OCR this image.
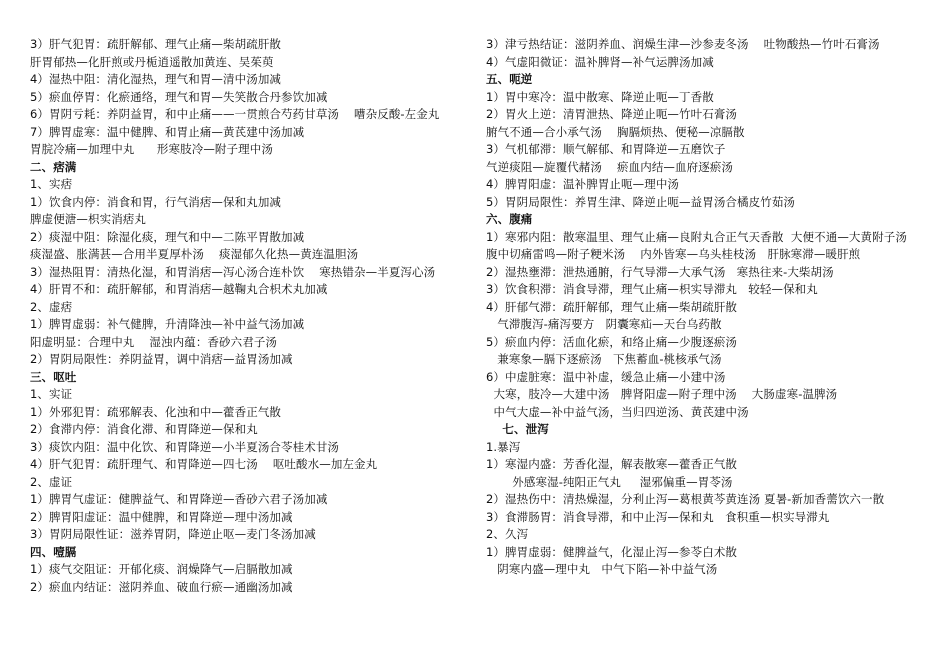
3）肝气犯胃：疏肝解郁、理气止痛—柴胡疏肝散
肝胃郁热—化肝煎或丹栀逍遥散加黄连、吴茱萸
4）湿热中阻：清化湿热，理气和胃—清中汤加减
5）瘀血停胃：化瘀通络，理气和胃—失笑散合丹参饮加减
6）胃阴亏耗：养阴益胃，和中止痛——一贯煎合芍药甘草汤    嘈杂反酸-左金丸
7）脾胃虚寒：温中健脾、和胃止痛—黄芪建中汤加减
胃脘冷痛—加理中丸      形寒肢冷—附子理中汤
二、痞满
1、实痞
1）饮食内停：消食和胃，行气消痞—保和丸加减
脾虚便溏—枳实消痞丸
2）痰湿中阻：除湿化痰，理气和中—二陈平胃散加减
痰湿盛、胀满甚—合用半夏厚朴汤    痰湿郁久化热—黄连温胆汤
3）湿热阻胃：清热化湿，和胃消痞—泻心汤合连朴饮    寒热错杂—半夏泻心汤
4）肝胃不和：疏肝解郁，和胃消痞—越鞠丸合枳术丸加减
2、虚痞
1）脾胃虚弱：补气健脾，升清降浊—补中益气汤加减
阳虚明显：合理中丸    湿浊内蕴：香砂六君子汤
2）胃阴局限性：养阴益胃，调中消痞—益胃汤加减
三、呕吐
1、实证
1）外邪犯胃：疏邪解表、化浊和中—藿香正气散
2）食滞内停：消食化滞、和胃降逆—保和丸
3）痰饮内阻：温中化饮、和胃降逆—小半夏汤合苓桂术甘汤
4）肝气犯胃：疏肝理气、和胃降逆—四七汤    呕吐酸水—加左金丸
2、虚证
1）脾胃气虚证：健脾益气、和胃降逆—香砂六君子汤加减
2）脾胃阳虚证：温中健脾，和胃降逆—理中汤加减
3）胃阴局限性证：滋养胃阴，降逆止呕—麦门冬汤加减
四、噎膈
1）痰气交阻证：开郁化痰、润燥降气—启膈散加减
2）瘀血内结证：滋阴养血、破血行瘀—通幽汤加减
3）津亏热结证：滋阴养血、润燥生津—沙参麦冬汤    吐物酸热—竹叶石膏汤
4）气虚阳微证：温补脾肾—补气运脾汤加减
五、呃逆
1）胃中寒冷：温中散寒、降逆止呃—丁香散
2）胃火上逆：清胃泄热、降逆止呃—竹叶石膏汤
腑气不通—合小承气汤    胸膈烦热、便秘—凉膈散
3）气机郁滞：顺气解郁、和胃降逆—五磨饮子
气逆痰阻—旋覆代赭汤    瘀血内结—血府逐瘀汤
4）脾胃阳虚：温补脾胃止呃—理中汤
5）胃阴局限性：养胃生津、降逆止呃—益胃汤合橘皮竹茹汤
六、腹痛
1）寒邪内阻：散寒温里、理气止痛—良附丸合正气天香散  大便不通—大黄附子汤   腹中切痛雷鸣—附子粳米汤    内外皆寒—乌头桂枝汤   肝脉寒滞—暖肝煎
2）湿热壅滞：泄热通腑，行气导滞—大承气汤   寒热往来-大柴胡汤
3）饮食积滞：消食导滞，理气止痛—枳实导滞丸   较轻—保和丸
4）肝郁气滞：疏肝解郁，理气止痛—柴胡疏肝散
气滞腹泻-痛泻要方   阴囊寒疝—天台乌药散
5）瘀血内停：活血化瘀，和络止痛—少腹逐瘀汤
兼寒象—膈下逐瘀汤   下焦蓄血-桃核承气汤
6）中虚脏寒：温中补虚，缓急止痛—小建中汤
大寒，肢冷—大建中汤   脾肾阳虚—附子理中汤    大肠虚寒-温脾汤
中气大虚—补中益气汤，当归四逆汤、黄芪建中汤
七、泄泻
1.暴泻
1）寒湿内盛：芳香化湿，解表散寒—藿香正气散
外感寒湿-纯阳正气丸     湿邪偏重—胃苓汤
2）湿热伤中：清热燥湿，分利止泻—葛根黄芩黄连汤 夏暑-新加香薷饮六一散
3）食滞肠胃：消食导滞，和中止泻—保和丸   食积重—枳实导滞丸
2、久泻
1）脾胃虚弱：健脾益气，化湿止泻—参苓白术散
阴寒内盛—理中丸   中气下陷—补中益气汤
